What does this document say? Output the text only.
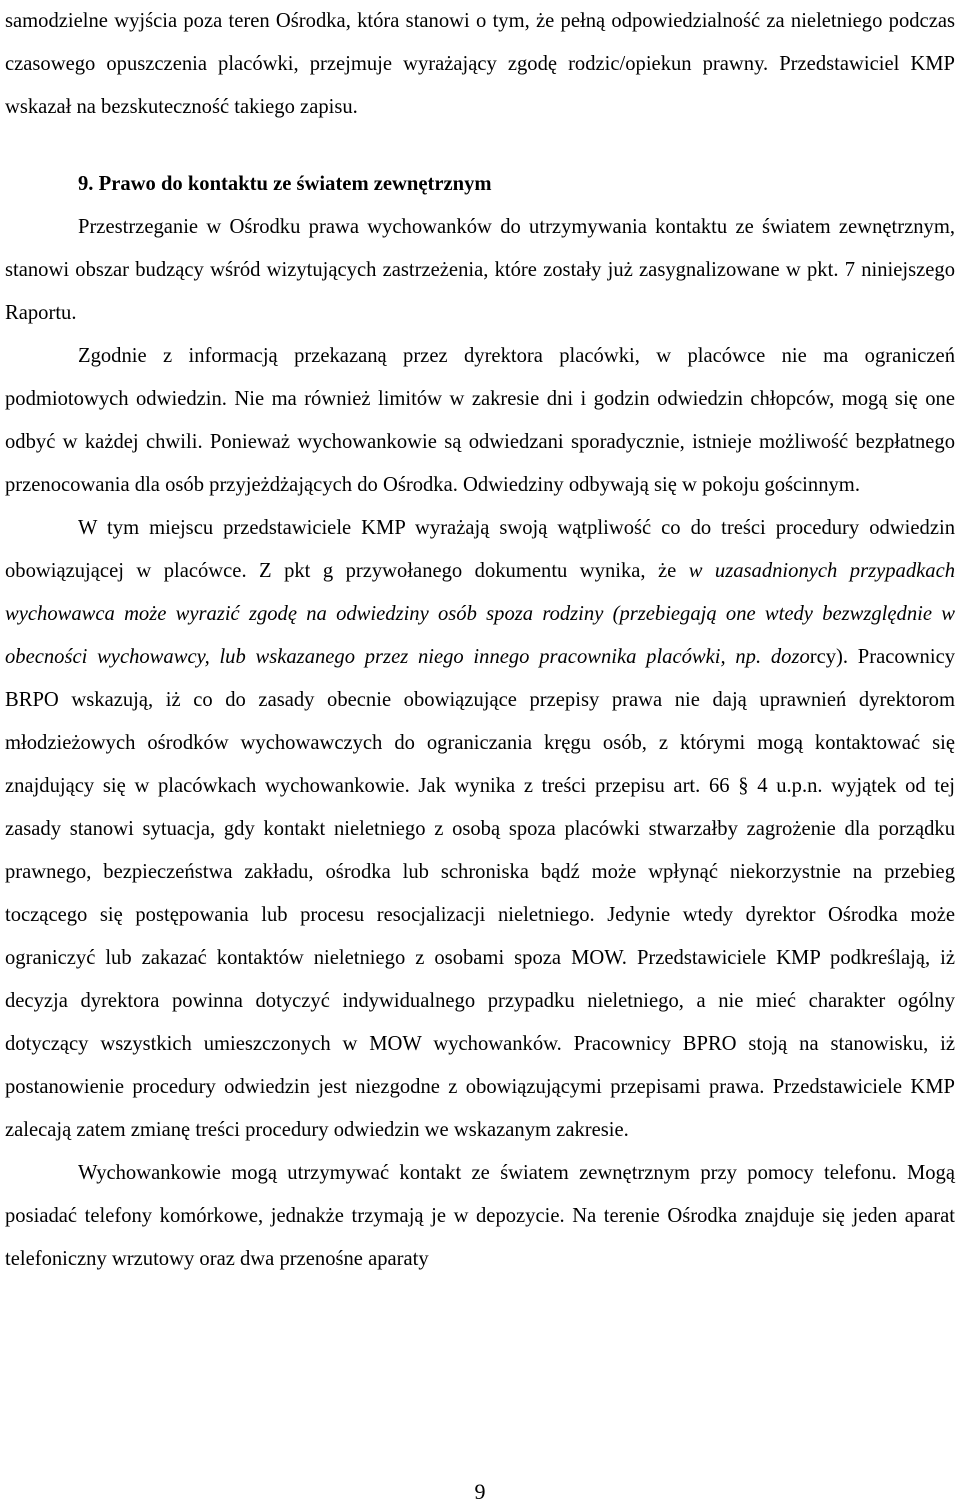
samodzielne wyjścia poza teren Ośrodka, która stanowi o tym, że pełną odpowiedzialność za nieletniego podczas czasowego opuszczenia placówki, przejmuje wyrażający zgodę rodzic/opiekun prawny. Przedstawiciel KMP wskazał na bezskuteczność takiego zapisu.

9. Prawo do kontaktu ze światem zewnętrznym

Przestrzeganie w Ośrodku prawa wychowanków do utrzymywania kontaktu ze światem zewnętrznym, stanowi obszar budzący wśród wizytujących zastrzeżenia, które zostały już zasygnalizowane w pkt. 7 niniejszego Raportu.

Zgodnie z informacją przekazaną przez dyrektora placówki, w placówce nie ma ograniczeń podmiotowych odwiedzin. Nie ma również limitów w zakresie dni i godzin odwiedzin chłopców, mogą się one odbyć w każdej chwili. Ponieważ wychowankowie są odwiedzani sporadycznie, istnieje możliwość bezpłatnego przenocowania dla osób przyjeżdżających do Ośrodka. Odwiedziny odbywają się w pokoju gościnnym.

W tym miejscu przedstawiciele KMP wyrażają swoją wątpliwość co do treści procedury odwiedzin obowiązującej w placówce. Z pkt g przywołanego dokumentu wynika, że w uzasadnionych przypadkach wychowawca może wyrazić zgodę na odwiedziny osób spoza rodziny (przebiegają one wtedy bezwzględnie w obecności wychowawcy, lub wskazanego przez niego innego pracownika placówki, np. dozorcy). Pracownicy BRPO wskazują, iż co do zasady obecnie obowiązujące przepisy prawa nie dają uprawnień dyrektorom młodzieżowych ośrodków wychowawczych do ograniczania kręgu osób, z którymi mogą kontaktować się znajdujący się w placówkach wychowankowie. Jak wynika z treści przepisu art. 66 § 4 u.p.n. wyjątek od tej zasady stanowi sytuacja, gdy kontakt nieletniego z osobą spoza placówki stwarzałby zagrożenie dla porządku prawnego, bezpieczeństwa zakładu, ośrodka lub schroniska bądź może wpłynąć niekorzystnie na przebieg toczącego się postępowania lub procesu resocjalizacji nieletniego. Jedynie wtedy dyrektor Ośrodka może ograniczyć lub zakazać kontaktów nieletniego z osobami spoza MOW. Przedstawiciele KMP podkreślają, iż decyzja dyrektora powinna dotyczyć indywidualnego przypadku nieletniego, a nie mieć charakter ogólny dotyczący wszystkich umieszczonych w MOW wychowanków. Pracownicy BPRO stoją na stanowisku, iż postanowienie procedury odwiedzin jest niezgodne z obowiązującymi przepisami prawa. Przedstawiciele KMP zalecają zatem zmianę treści procedury odwiedzin we wskazanym zakresie.

Wychowankowie mogą utrzymywać kontakt ze światem zewnętrznym przy pomocy telefonu. Mogą posiadać telefony komórkowe, jednakże trzymają je w depozycie. Na terenie Ośrodka znajduje się jeden aparat telefoniczny wrzutowy oraz dwa przenośne aparaty

9
